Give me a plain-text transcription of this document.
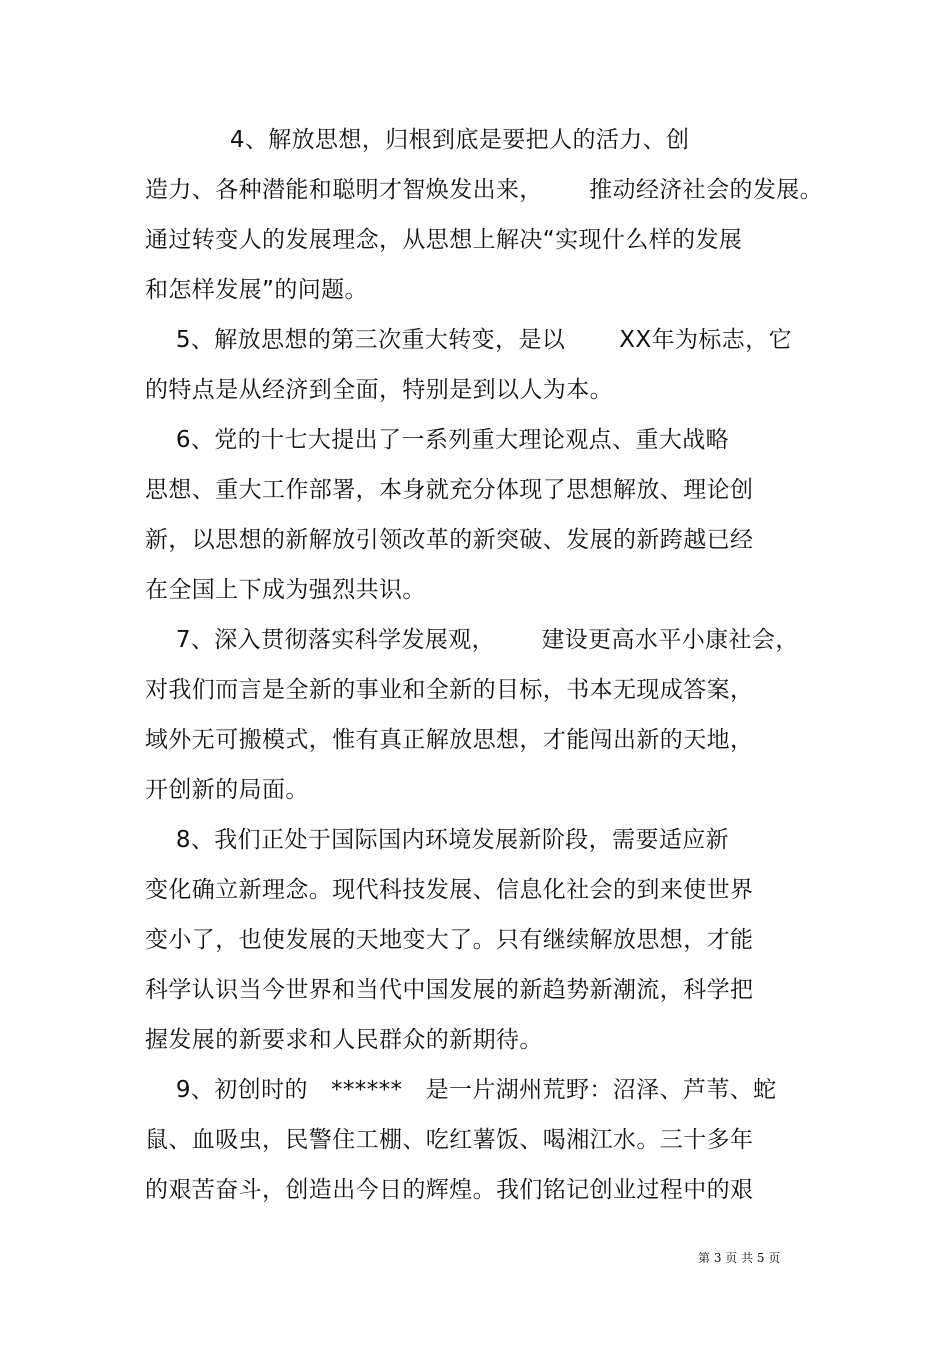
4、解放思想，归根到底是要把人的活力、创
造力、各种潜能和聪明才智焕发出来，      推动经济社会的发展。
通过转变人的发展理念，从思想上解决“实现什么样的发展
和怎样发展”的问题。
5、解放思想的第三次重大转变，是以       XX年为标志，它
的特点是从经济到全面，特别是到以人为本。
6、党的十七大提出了一系列重大理论观点、重大战略
思想、重大工作部署，本身就充分体现了思想解放、理论创
新，以思想的新解放引领改革的新突破、发展的新跨越已经
在全国上下成为强烈共识。
7、深入贯彻落实科学发展观，      建设更高水平小康社会，
对我们而言是全新的事业和全新的目标，书本无现成答案，
域外无可搬模式，惟有真正解放思想，才能闯出新的天地，
开创新的局面。
8、我们正处于国际国内环境发展新阶段，需要适应新
变化确立新理念。现代科技发展、信息化社会的到来使世界
变小了，也使发展的天地变大了。只有继续解放思想，才能
科学认识当今世界和当代中国发展的新趋势新潮流，科学把
握发展的新要求和人民群众的新期待。
9、初创时的   ******   是一片湖州荒野：沼泽、芦苇、蛇
鼠、血吸虫，民警住工棚、吃红薯饭、喝湘江水。三十多年
的艰苦奋斗，创造出今日的辉煌。我们铭记创业过程中的艰
第 3 页 共 5 页
